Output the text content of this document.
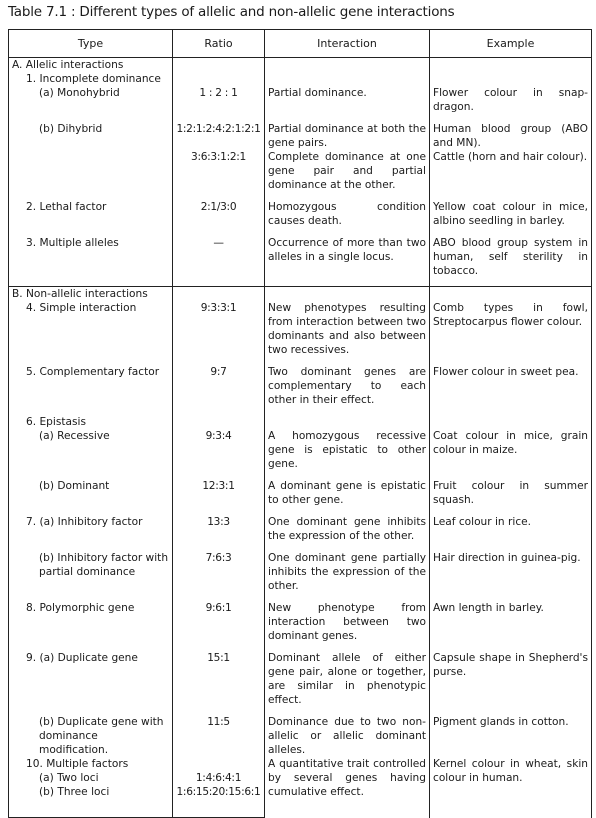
Table 7.1 : Different types of allelic and non-allelic gene interactions
Type	Ratio	Interaction	Example
A. Allelic interactions			
1. Incomplete dominance			
(a) Monohybrid	1 : 2 : 1	Partial dominance.	Flower colour in snap-dragon.

(b) Dihybrid	1:2:1:2:4:2:1:2:1	Partial dominance at both the gene pairs.	Human blood group (ABO and MN).
	3:6:3:1:2:1	Complete dominance at one gene pair and partial dominance at the other.	Cattle (horn and hair colour).

2. Lethal factor	2:1/3:0	Homozygous condition causes death.	Yellow coat colour in mice, albino seedling in barley.

3. Multiple alleles	—	Occurrence of more than two alleles in a single locus.	ABO blood group system in human, self sterility in tobacco.

B. Non-allelic interactions			
4. Simple interaction	9:3:3:1	New phenotypes resulting from interaction between two dominants and also between two recessives.	Comb types in fowl, Streptocarpus flower colour.

5. Complementary factor	9:7	Two dominant genes are complementary to each other in their effect.	Flower colour in sweet pea.

6. Epistasis			
(a) Recessive	9:3:4	A homozygous recessive gene is epistatic to other gene.	Coat colour in mice, grain colour in maize.

(b) Dominant	12:3:1	A dominant gene is epistatic to other gene.	Fruit colour in summer squash.

7. (a) Inhibitory factor	13:3	One dominant gene inhibits the expression of the other.	Leaf colour in rice.

(b) Inhibitory factor with partial dominance	7:6:3	One dominant gene partially inhibits the expression of the other.	Hair direction in guinea-pig.

8. Polymorphic gene	9:6:1	New phenotype from interaction between two dominant genes.	Awn length in barley.

9. (a) Duplicate gene	15:1	Dominant allele of either gene pair, alone or together, are similar in phenotypic effect.	Capsule shape in Shepherd's purse.

(b) Duplicate gene with dominance modification.	11:5	Dominance due to two non-allelic or allelic dominant alleles.	Pigment glands in cotton.
10. Multiple factors		A quantitative trait controlled by several genes having cumulative effect.	Kernel colour in wheat, skin colour in human.
(a) Two loci	1:4:6:4:1		
(b) Three loci	1:6:15:20:15:6:1		
